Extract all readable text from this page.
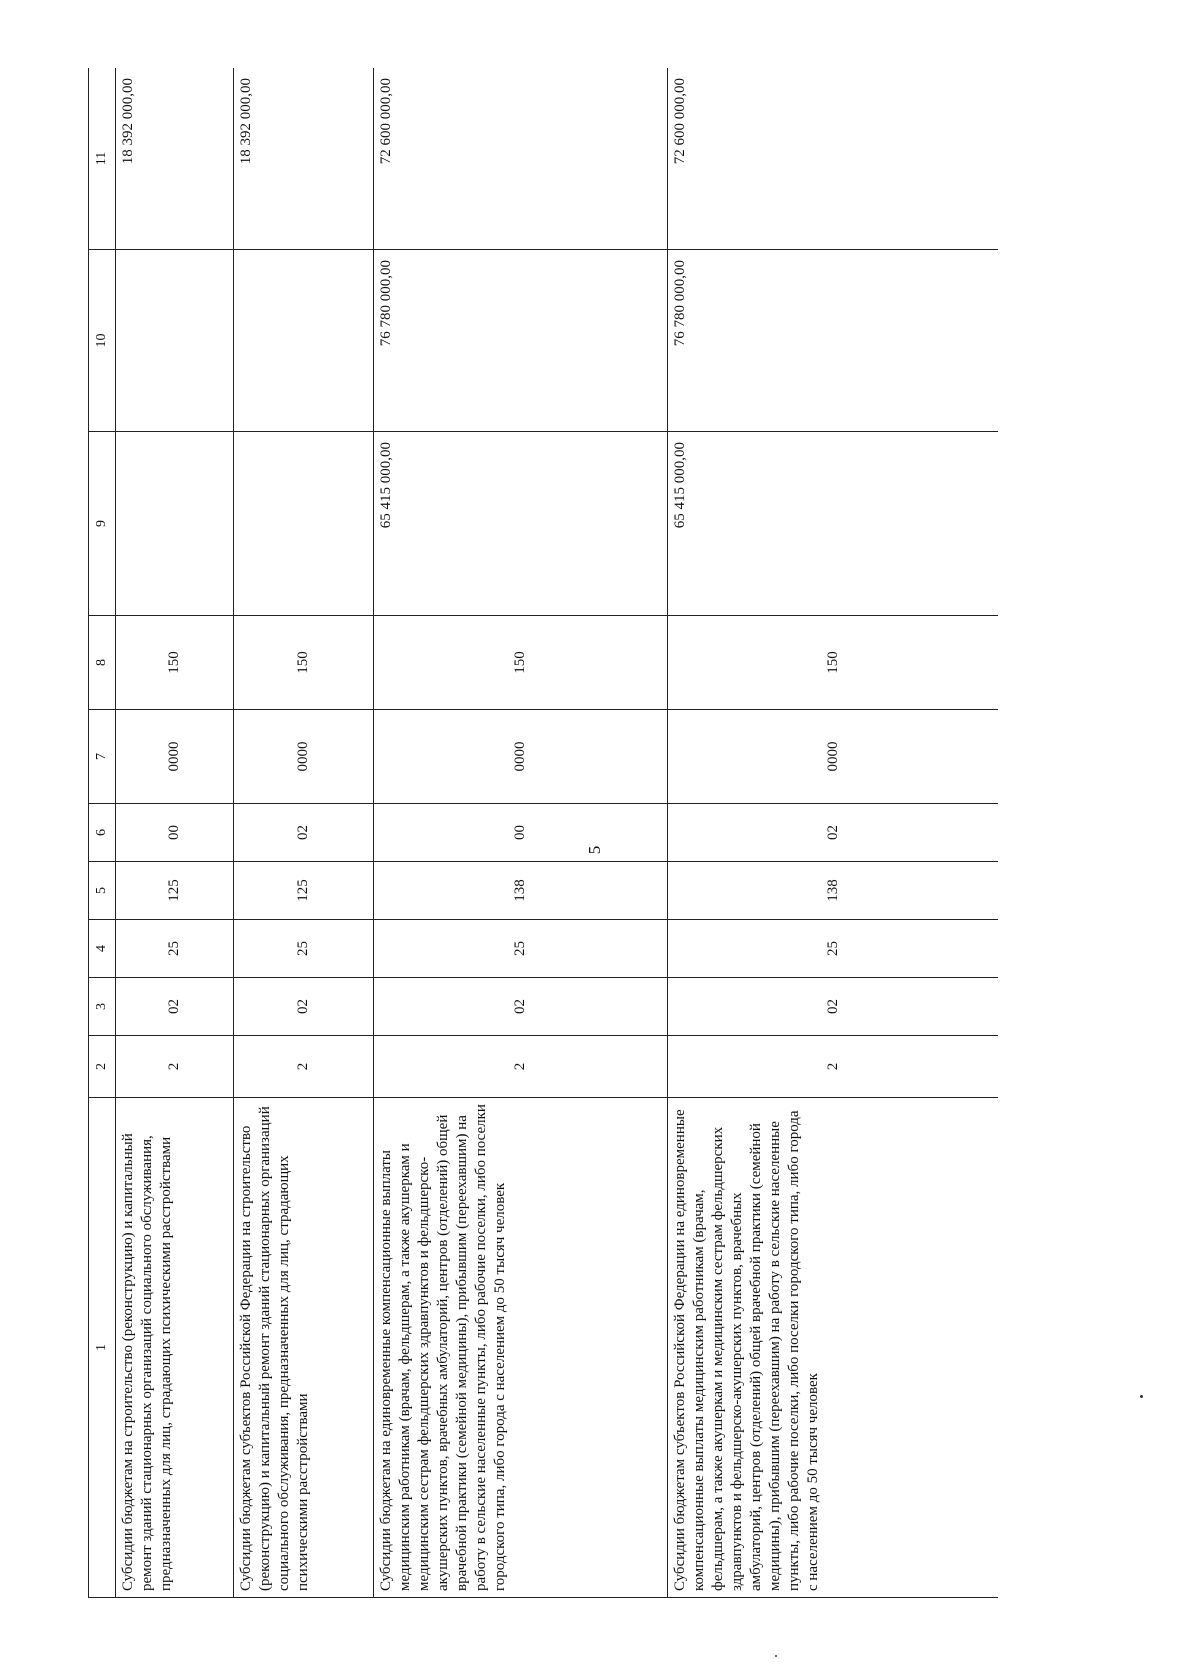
5
1	2	3	4	5	6	7	8	9	10	11
Субсидии бюджетам на строительство (реконструкцию) и капитальный ремонт зданий стационарных организаций социального обслуживания, предназначенных для лиц, страдающих психическими расстройствами	2	02	25	125	00	0000	150			18 392 000,00
Субсидии бюджетам субъектов Российской Федерации на строительство (реконструкцию) и капитальный ремонт зданий стационарных организаций социального обслуживания, предназначенных для лиц, страдающих психическими расстройствами	2	02	25	125	02	0000	150			18 392 000,00
Субсидии бюджетам на единовременные компенсационные выплаты медицинским работникам (врачам, фельдшерам, а также акушеркам и медицинским сестрам фельдшерских здравпунктов и фельдшерско-акушерских пунктов, врачебных амбулаторий, центров (отделений) общей врачебной практики (семейной медицины), прибывшим (переехавшим) на работу в сельские населенные пункты, либо рабочие поселки, либо поселки городского типа, либо города с населением до 50 тысяч человек	2	02	25	138	00	0000	150	65 415 000,00	76 780 000,00	72 600 000,00
Субсидии бюджетам субъектов Российской Федерации на единовременные компенсационные выплаты медицинским работникам (врачам, фельдшерам, а также акушеркам и медицинским сестрам фельдшерских здравпунктов и фельдшерско-акушерских пунктов, врачебных амбулаторий, центров (отделений) общей врачебной практики (семейной медицины), прибывшим (переехавшим) на работу в сельские населенные пункты, либо рабочие поселки, либо поселки городского типа, либо города с населением до 50 тысяч человек	2	02	25	138	02	0000	150	65 415 000,00	76 780 000,00	72 600 000,00
